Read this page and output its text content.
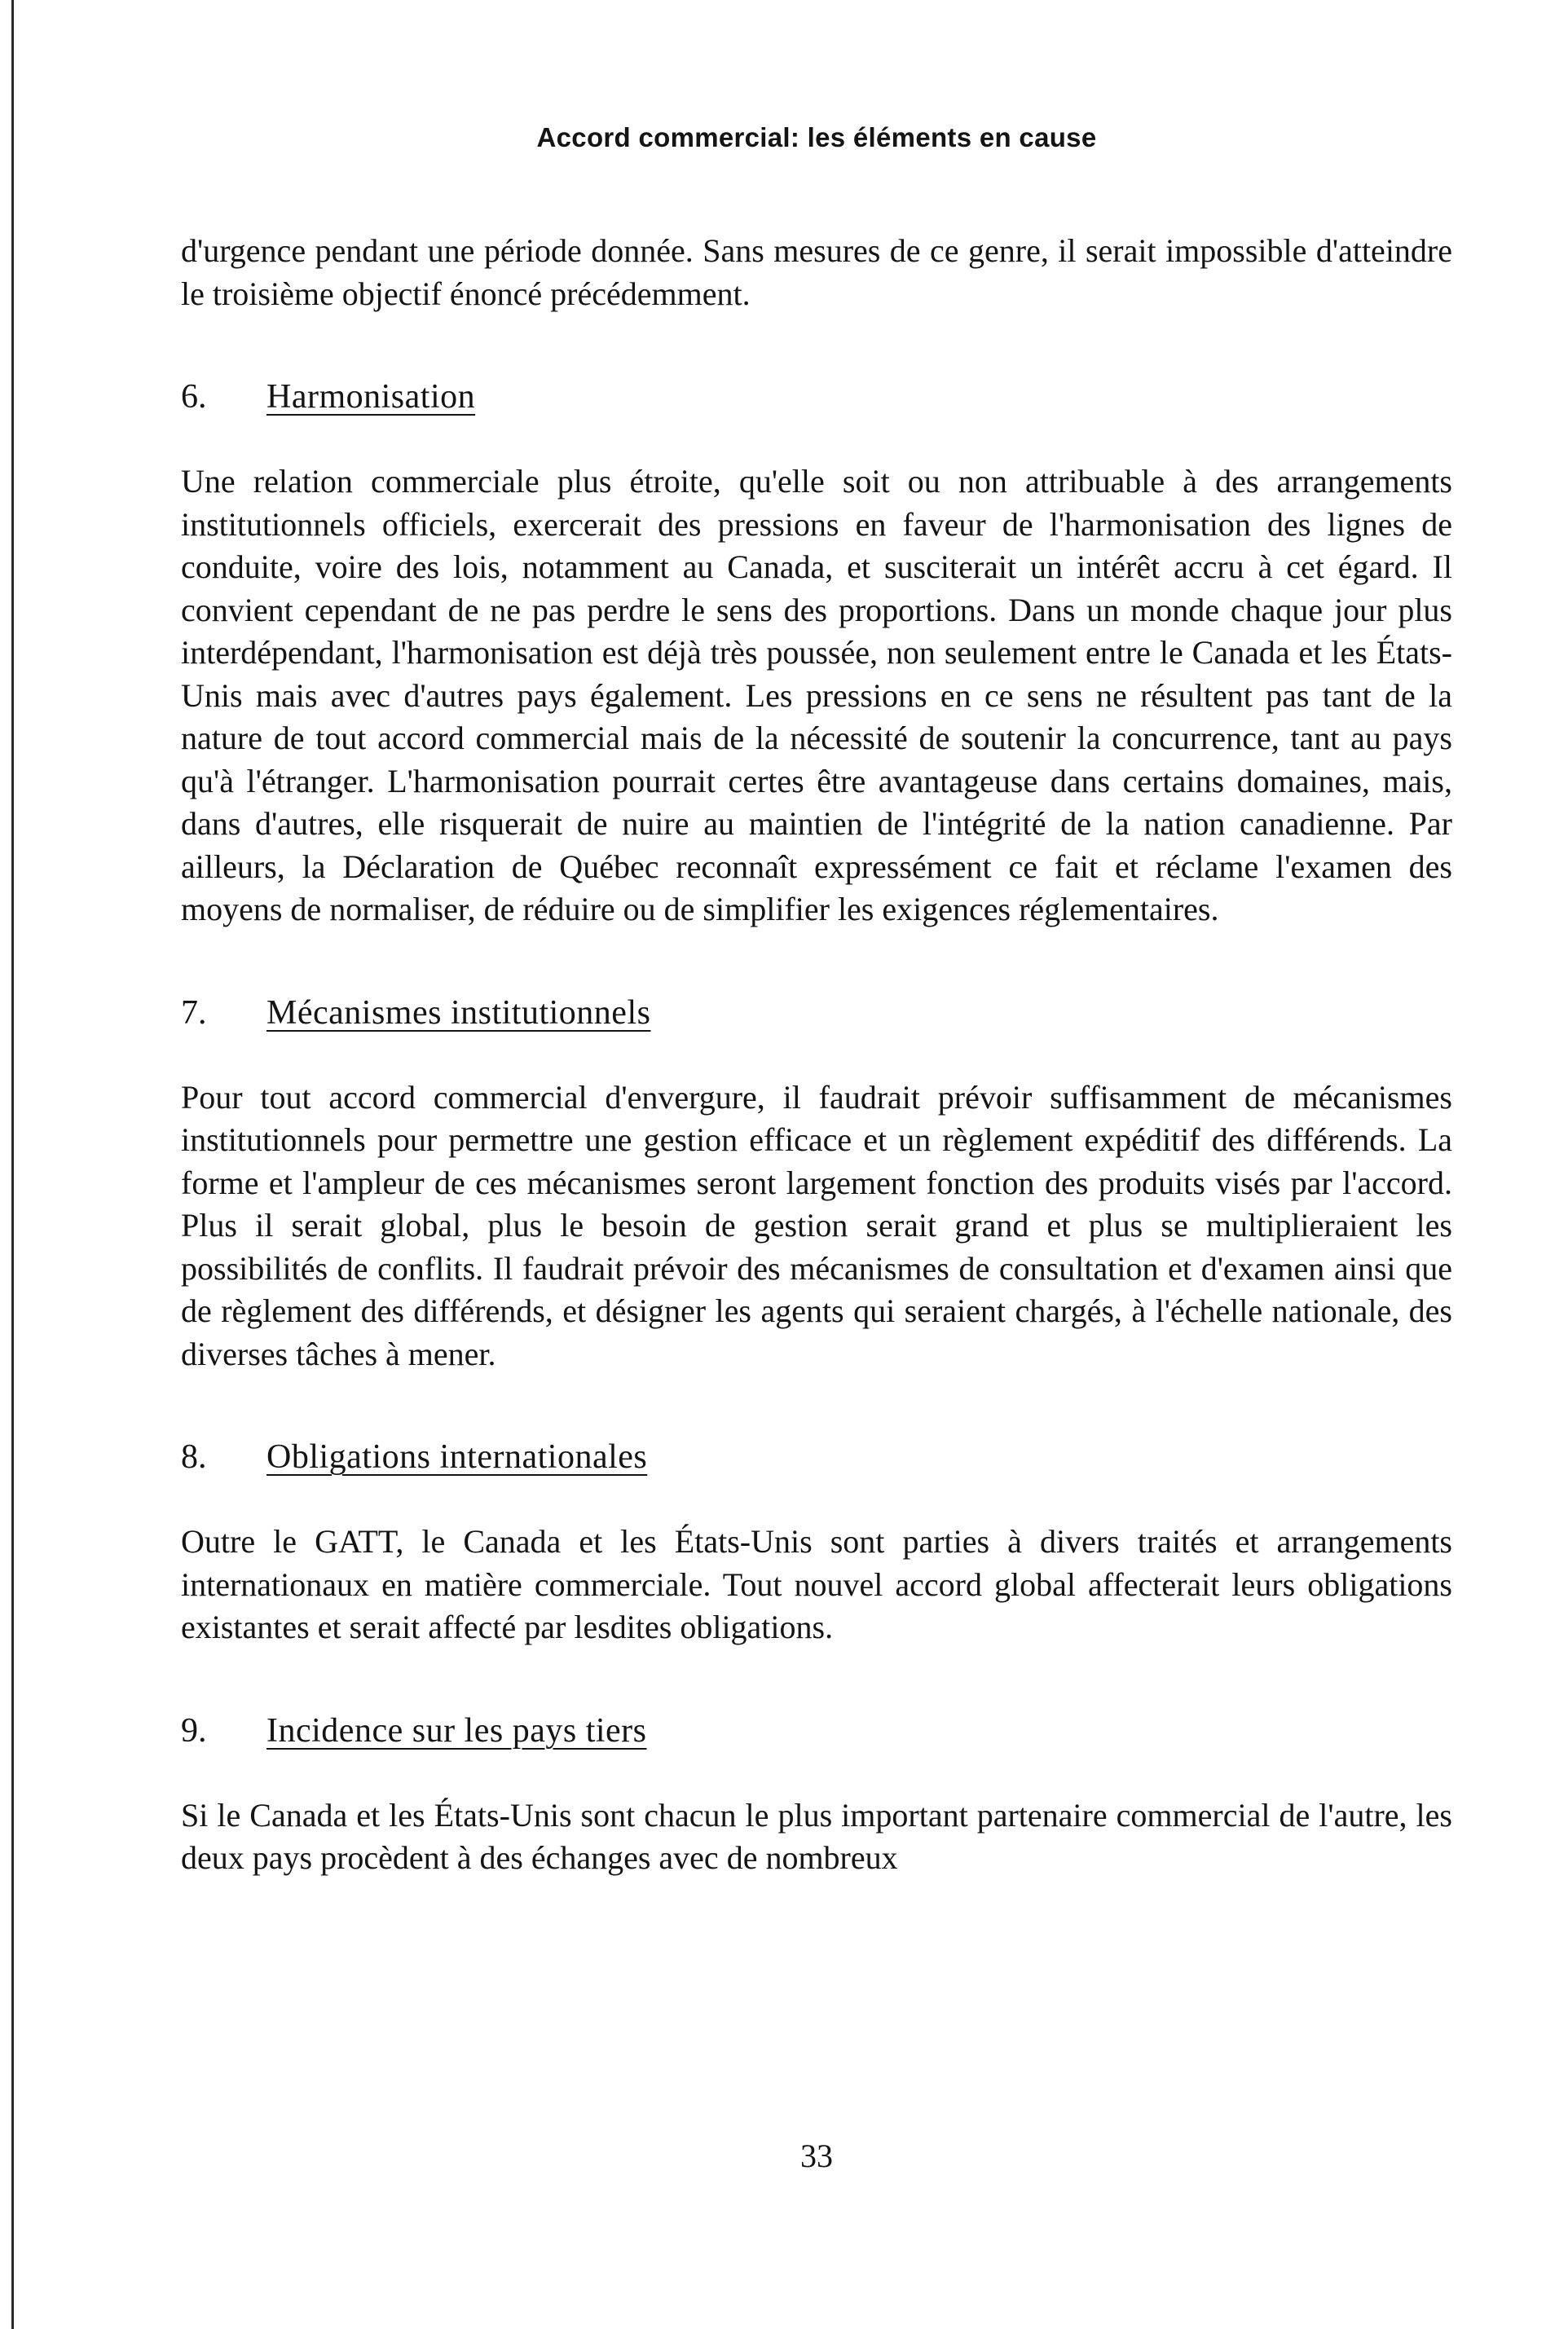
Accord commercial: les éléments en cause

d'urgence pendant une période donnée. Sans mesures de ce genre, il serait impossible d'atteindre le troisième objectif énoncé précédemment.

6.	Harmonisation

Une relation commerciale plus étroite, qu'elle soit ou non attribuable à des arrangements institutionnels officiels, exercerait des pressions en faveur de l'harmonisation des lignes de conduite, voire des lois, notamment au Canada, et susciterait un intérêt accru à cet égard. Il convient cependant de ne pas perdre le sens des proportions. Dans un monde chaque jour plus interdépendant, l'harmonisation est déjà très poussée, non seulement entre le Canada et les États-Unis mais avec d'autres pays également. Les pressions en ce sens ne résultent pas tant de la nature de tout accord commercial mais de la nécessité de soutenir la concurrence, tant au pays qu'à l'étranger. L'harmonisation pourrait certes être avantageuse dans certains domaines, mais, dans d'autres, elle risquerait de nuire au maintien de l'intégrité de la nation canadienne. Par ailleurs, la Déclaration de Québec reconnaît expressément ce fait et réclame l'examen des moyens de normaliser, de réduire ou de simplifier les exigences réglementaires.

7.	Mécanismes institutionnels

Pour tout accord commercial d'envergure, il faudrait prévoir suffisamment de mécanismes institutionnels pour permettre une gestion efficace et un règlement expéditif des différends. La forme et l'ampleur de ces mécanismes seront largement fonction des produits visés par l'accord. Plus il serait global, plus le besoin de gestion serait grand et plus se multiplieraient les possibilités de conflits. Il faudrait prévoir des mécanismes de consultation et d'examen ainsi que de règlement des différends, et désigner les agents qui seraient chargés, à l'échelle nationale, des diverses tâches à mener.

8.	Obligations internationales

Outre le GATT, le Canada et les États-Unis sont parties à divers traités et arrangements internationaux en matière commerciale. Tout nouvel accord global affecterait leurs obligations existantes et serait affecté par lesdites obligations.

9.	Incidence sur les pays tiers

Si le Canada et les États-Unis sont chacun le plus important partenaire commercial de l'autre, les deux pays procèdent à des échanges avec de nombreux

33
